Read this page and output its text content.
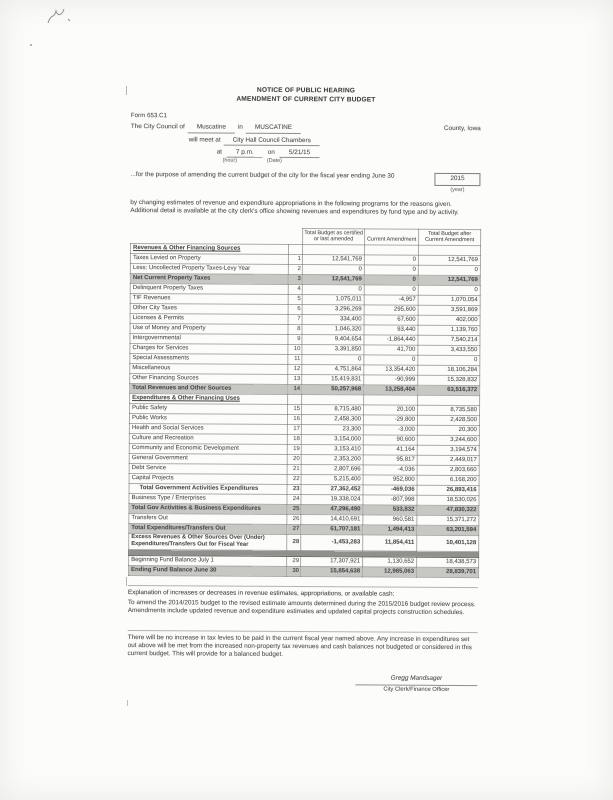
NOTICE OF PUBLIC HEARING
AMENDMENT OF CURRENT CITY BUDGET
Form 653.C1
The City Council of	Muscatine	in	MUSCATINE	County, Iowa
will meet at	City Hall Council Chambers
at	7 p.m.	on	5/21/15
(hour)	(Date)

...for the purpose of amending the current budget of the city for the fiscal year ending June 30	2015
(year)

by changing estimates of revenue and expenditure appropriations in the following programs for the reasons given. Additional detail is available at the city clerk's office showing revenues and expenditures by fund type and by activity.

		Total Budget as certified or last amended	Current Amendment	Total Budget after Current Amendment
Revenues & Other Financing Sources				
Taxes Levied on Property	1	12,541,769	0	12,541,769
Less: Uncollected Property Taxes-Levy Year	2	0	0	0
Net Current Property Taxes	3	12,541,769	0	12,541,769
Delinquent Property Taxes	4	0	0	0
TIF Revenues	5	1,075,011	-4,957	1,070,054
Other City Taxes	6	3,296,269	295,600	3,591,869
Licenses & Permits	7	334,400	67,600	402,000
Use of Money and Property	8	1,046,320	93,440	1,139,760
Intergovernmental	9	9,404,654	-1,864,440	7,540,214
Charges for Services	10	3,391,850	41,700	3,433,550
Special Assessments	11	0	0	0
Miscellaneous	12	4,751,864	13,354,420	18,106,284
Other Financing Sources	13	15,419,831	-90,999	15,328,832
Total Revenues and Other Sources	14	50,257,968	13,258,404	63,516,372
Expenditures & Other Financing Uses				
Public Safety	15	8,715,480	20,100	8,735,580
Public Works	16	2,458,300	-29,800	2,428,500
Health and Social Services	17	23,300	-3,000	20,300
Culture and Recreation	18	3,154,000	90,600	3,244,600
Community and Economic Development	19	3,153,410	41,164	3,194,574
General Government	20	2,353,200	95,817	2,449,017
Debt Service	21	2,807,696	-4,036	2,803,660
Capital Projects	22	5,215,400	952,800	6,168,200
Total Government Activities Expenditures	23	27,362,452	-469,036	26,893,416
Business Type / Enterprises	24	19,338,024	-807,998	18,530,026
Total Gov Activities & Business Expenditures	25	47,296,490	533,832	47,830,322
Transfers Out	26	14,410,691	960,581	15,371,272
Total Expenditures/Transfers Out	27	61,707,181	1,494,413	63,201,594
Excess Revenues & Other Sources Over (Under) Expenditures/Transfers Out for Fiscal Year	28	-1,453,283	11,854,411	10,401,128

Beginning Fund Balance July 1	29	17,307,921	1,130,652	18,438,573
Ending Fund Balance June 30	30	15,854,638	12,985,063	28,839,701
Explanation of increases or decreases in revenue estimates, appropriations, or available cash:

To amend the 2014/2015 budget to the revised estimate amounts determined during the 2015/2016 budget review process. Amendments include updated revenue and expenditure estimates and updated capital projects construction schedules.

There will be no increase in tax levies to be paid in the current fiscal year named above. Any increase in expenditures set out above will be met from the increased non-property tax revenues and cash balances not budgeted or considered in this current budget. This will provide for a balanced budget.

Gregg Mandsager
City Clerk/Finance Officer
